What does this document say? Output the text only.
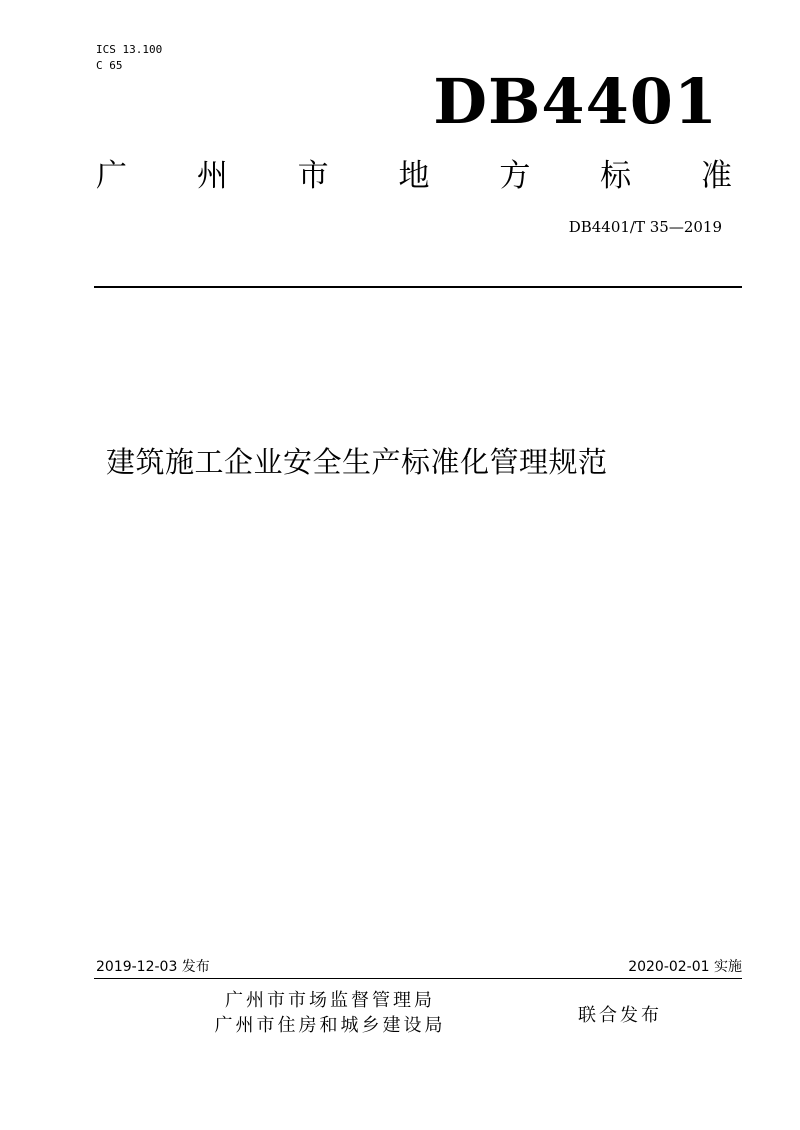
ICS 13.100
C 65	DB4401
广 州 市 地 方 标 准
DB4401/T 35—2019
建筑施工企业安全生产标准化管理规范
2019-12-03 发布	2020-02-01 实施
广州市市场监督管理局
广州市住房和城乡建设局	联合发布
